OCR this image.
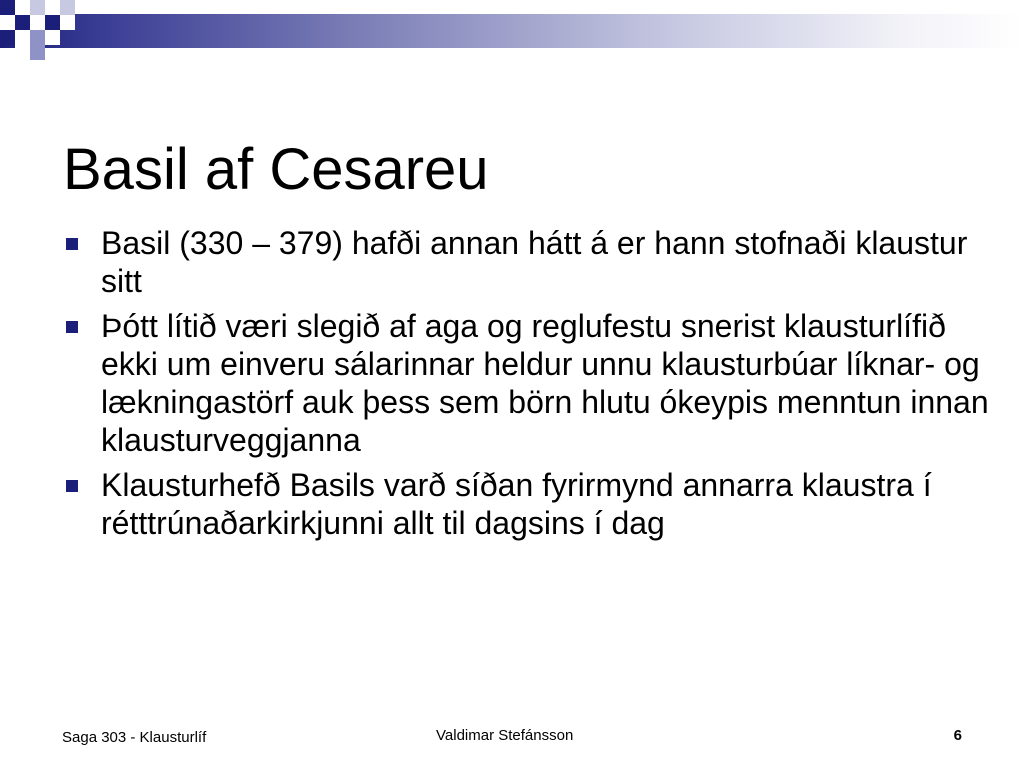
Basil af Cesareu
Basil (330 – 379) hafði annan hátt á er hann stofnaði klaustur sitt
Þótt lítið væri slegið af aga og reglufestu snerist klausturlífið ekki um einveru sálarinnar heldur unnu klausturbúar líknar- og lækningastörf auk þess sem börn hlutu ókeypis menntun innan klausturveggjanna
Klausturhefð Basils varð síðan fyrirmynd annarra klaustra í rétttrúnaðarkirkjunni allt til dagsins í dag
Saga 303 - Klausturlíf	Valdimar Stefánsson	6
